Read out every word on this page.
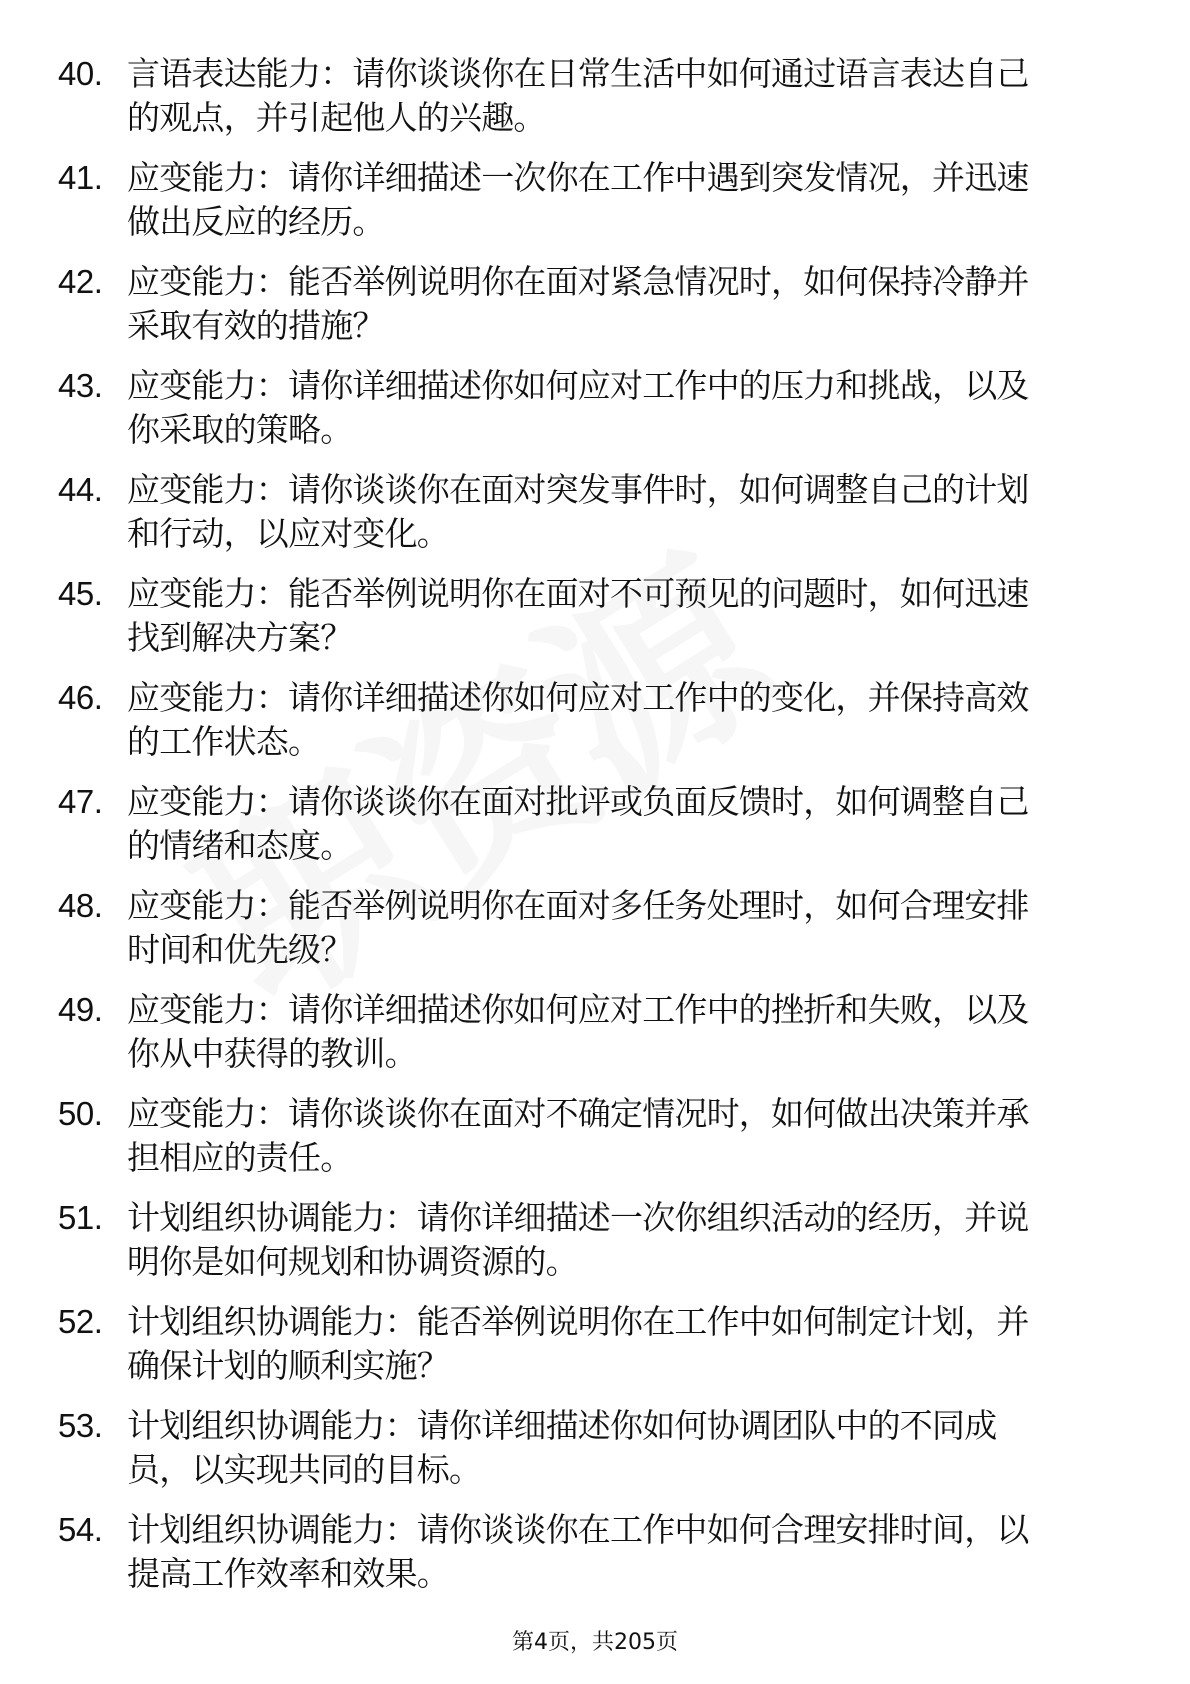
40. 言语表达能力：请你谈谈你在日常生活中如何通过语言表达自己
的观点，并引起他人的兴趣。
41. 应变能力：请你详细描述一次你在工作中遇到突发情况，并迅速
做出反应的经历。
42. 应变能力：能否举例说明你在面对紧急情况时，如何保持冷静并
采取有效的措施？
43. 应变能力：请你详细描述你如何应对工作中的压力和挑战，以及
你采取的策略。
44. 应变能力：请你谈谈你在面对突发事件时，如何调整自己的计划
和行动，以应对变化。
45. 应变能力：能否举例说明你在面对不可预见的问题时，如何迅速
找到解决方案？
46. 应变能力：请你详细描述你如何应对工作中的变化，并保持高效
的工作状态。
47. 应变能力：请你谈谈你在面对批评或负面反馈时，如何调整自己
的情绪和态度。
48. 应变能力：能否举例说明你在面对多任务处理时，如何合理安排
时间和优先级？
49. 应变能力：请你详细描述你如何应对工作中的挫折和失败，以及
你从中获得的教训。
50. 应变能力：请你谈谈你在面对不确定情况时，如何做出决策并承
担相应的责任。
51. 计划组织协调能力：请你详细描述一次你组织活动的经历，并说
明你是如何规划和协调资源的。
52. 计划组织协调能力：能否举例说明你在工作中如何制定计划，并
确保计划的顺利实施？
53. 计划组织协调能力：请你详细描述你如何协调团队中的不同成
员，以实现共同的目标。
54. 计划组织协调能力：请你谈谈你在工作中如何合理安排时间，以
提高工作效率和效果。
第4页，共205页
